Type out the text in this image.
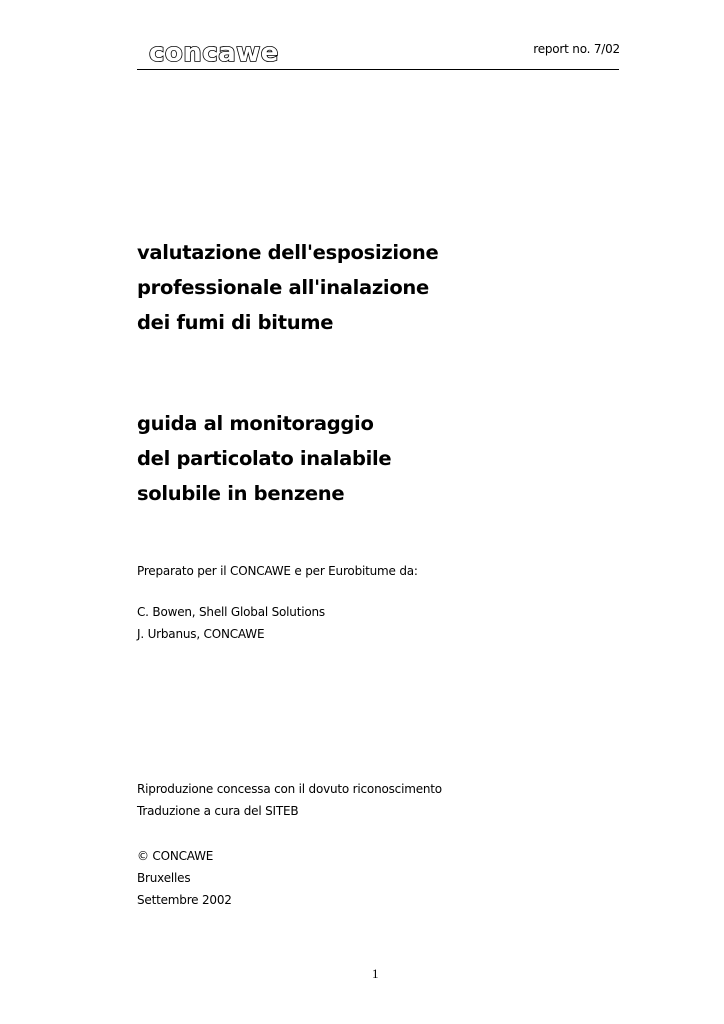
concawe	report no. 7/02
valutazione dell'esposizione
professionale all'inalazione
dei fumi di bitume
guida al monitoraggio
del particolato inalabile
solubile in benzene
Preparato per il CONCAWE e per Eurobitume da:
C. Bowen, Shell Global Solutions
J. Urbanus, CONCAWE
Riproduzione concessa con il dovuto riconoscimento
Traduzione a cura del SITEB
© CONCAWE
Bruxelles
Settembre 2002
1
